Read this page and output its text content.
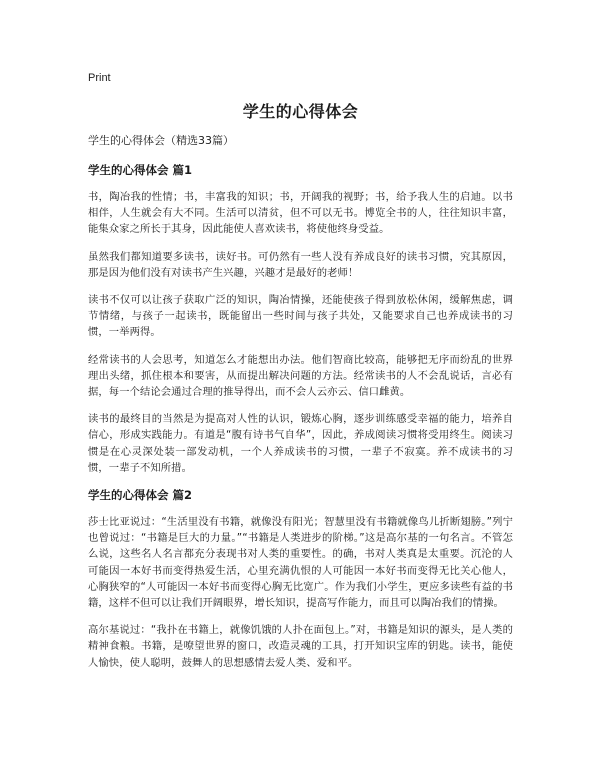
Print
学生的心得体会

学生的心得体会（精选33篇）

学生的心得体会 篇1

书，陶冶我的性情；书，丰富我的知识；书，开阔我的视野；书，给予我人生的启迪。以书相伴，人生就会有大不同。生活可以清贫，但不可以无书。博览全书的人，往往知识丰富，能集众家之所长于其身，因此能使人喜欢读书，将使他终身受益。

虽然我们都知道要多读书，读好书。可仍然有一些人没有养成良好的读书习惯，究其原因，那是因为他们没有对读书产生兴趣，兴趣才是最好的老师！

读书不仅可以让孩子获取广泛的知识，陶冶情操，还能使孩子得到放松休闲，缓解焦虑，调节情绪，与孩子一起读书，既能留出一些时间与孩子共处，又能要求自己也养成读书的习惯，一举两得。

经常读书的人会思考，知道怎么才能想出办法。他们智商比较高，能够把无序而纷乱的世界理出头绪，抓住根本和要害，从而提出解决问题的方法。经常读书的人不会乱说话，言必有据，每一个结论会通过合理的推导得出，而不会人云亦云、信口雌黄。

读书的最终目的当然是为提高对人性的认识，锻炼心胸，逐步训练感受幸福的能力，培养自信心，形成实践能力。有道是“腹有诗书气自华”，因此，养成阅读习惯将受用终生。阅读习惯是在心灵深处装一部发动机，一个人养成读书的习惯，一辈子不寂寞。养不成读书的习惯，一辈子不知所措。

学生的心得体会 篇2

莎士比亚说过：“生活里没有书籍，就像没有阳光；智慧里没有书籍就像鸟儿折断翅膀。”列宁也曾说过：“书籍是巨大的力量。”“书籍是人类进步的阶梯。”这是高尔基的一句名言。不管怎么说，这些名人名言都充分表现书对人类的重要性。的确，书对人类真是太重要。沉沦的人可能因一本好书而变得热爱生活，心里充满仇恨的人可能因一本好书而变得无比关心他人，心胸狭窄的“人可能因一本好书而变得心胸无比宽广。作为我们小学生，更应多读些有益的书籍，这样不但可以让我们开阔眼界，增长知识，提高写作能力，而且可以陶冶我们的情操。

高尔基说过：“我扑在书籍上，就像饥饿的人扑在面包上。”对，书籍是知识的源头，是人类的精神食粮。书籍，是嘹望世界的窗口，改造灵魂的工具，打开知识宝库的钥匙。读书，能使人愉快，使人聪明，鼓舞人的思想感情去爱人类、爱和平。
